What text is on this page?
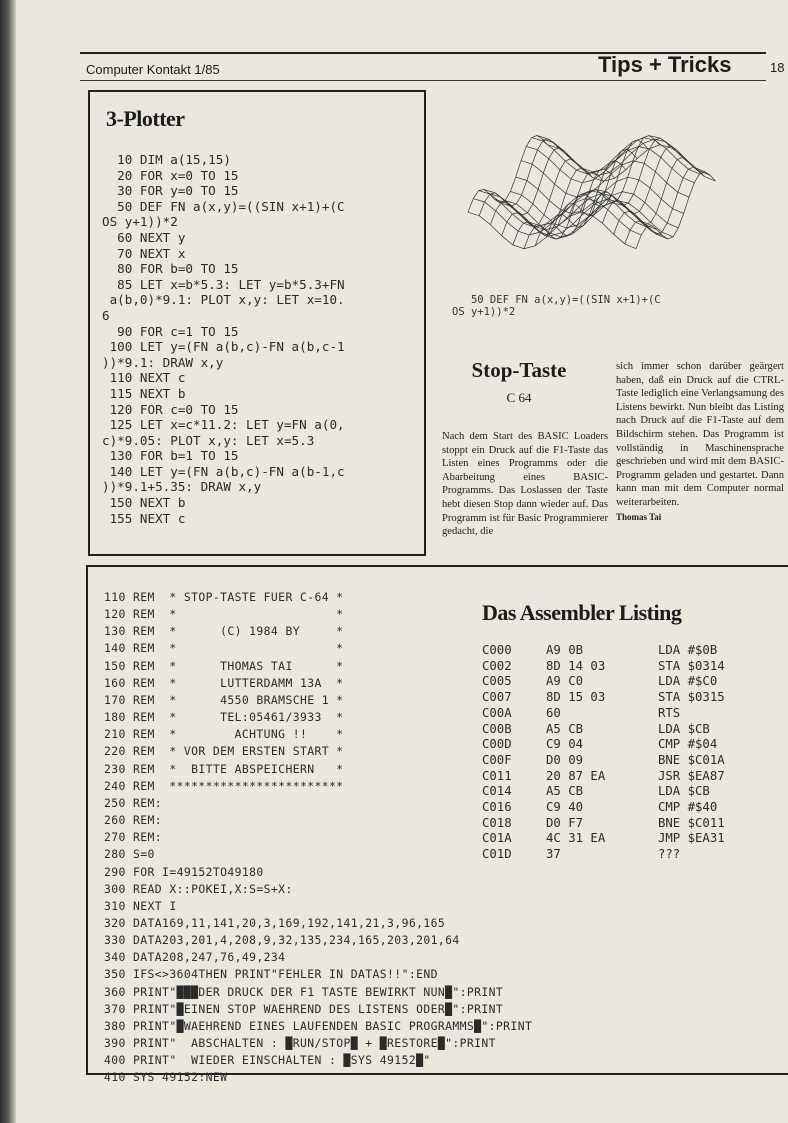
Computer Kontakt 1/85	Tips + Tricks	18
3-Plotter
10 DIM a(15,15)
20 FOR x=0 TO 15
30 FOR y=0 TO 15
50 DEF FN a(x,y)=((SIN x+1)+(C
OS y+1))*2
60 NEXT y
70 NEXT x
80 FOR b=0 TO 15
85 LET x=b*5.3: LET y=b*5.3+FN
a(b,0)*9.1: PLOT x,y: LET x=10.
6
90 FOR c=1 TO 15
100 LET y=(FN a(b,c)-FN a(b,c-1
))*9.1: DRAW x,y
110 NEXT c
115 NEXT b
120 FOR c=0 TO 15
125 LET x=c*11.2: LET y=FN a(0,
c)*9.05: PLOT x,y: LET x=5.3
130 FOR b=1 TO 15
140 LET y=(FN a(b,c)-FN a(b-1,c
))*9.1+5.35: DRAW x,y
150 NEXT b
155 NEXT c
50 DEF FN a(x,y)=((SIN x+1)+(C
OS y+1))*2
Stop-Taste
C 64
Nach dem Start des BASIC Loaders stoppt ein Druck auf die F1-Taste das Listen eines Programms oder die Abarbeitung eines BASIC-Programms. Das Loslassen der Taste hebt diesen Stop dann wieder auf. Das Programm ist für Basic Programmierer gedacht, die
sich immer schon darüber geärgert haben, daß ein Druck auf die CTRL-Taste lediglich eine Verlangsamung des Listens bewirkt. Nun bleibt das Listing nach Druck auf die F1-Taste auf dem Bildschirm stehen. Das Programm ist vollständig in Maschinensprache geschrieben und wird mit dem BASIC-Programm geladen und gestartet. Dann kann man mit dem Computer normal weiterarbeiten.
Thomas Tai
110 REM  * STOP-TASTE FUER C-64 *
120 REM  *                      *
130 REM  *      (C) 1984 BY     *
140 REM  *                      *
150 REM  *      THOMAS TAI      *
160 REM  *      LUTTERDAMM 13A  *
170 REM  *      4550 BRAMSCHE 1 *
180 REM  *      TEL:05461/3933  *
210 REM  *        ACHTUNG !!    *
220 REM  * VOR DEM ERSTEN START *
230 REM  *  BITTE ABSPEICHERN   *
240 REM  ************************
250 REM:
260 REM:
270 REM:
280 S=0
290 FOR I=49152TO49180
300 READ X::POKEI,X:S=S+X:
310 NEXT I
320 DATA169,11,141,20,3,169,192,141,21,3,96,165
330 DATA203,201,4,208,9,32,135,234,165,203,201,64
340 DATA208,247,76,49,234
350 IFS<>3604THEN PRINT"FEHLER IN DATAS!!":END
360 PRINT"███DER DRUCK DER F1 TASTE BEWIRKT NUN█":PRINT
370 PRINT"█EINEN STOP WAEHREND DES LISTENS ODER█":PRINT
380 PRINT"█WAEHREND EINES LAUFENDEN BASIC PROGRAMMS█":PRINT
390 PRINT"  ABSCHALTEN : █RUN/STOP█ + █RESTORE█":PRINT
400 PRINT"  WIEDER EINSCHALTEN : █SYS 49152█"
410 SYS 49152:NEW
Das Assembler Listing
C000	A9 0B	LDA #$0B
C002	8D 14 03	STA $0314
C005	A9 C0	LDA #$C0
C007	8D 15 03	STA $0315
C00A	60	RTS
C00B	A5 CB	LDA $CB
C00D	C9 04	CMP #$04
C00F	D0 09	BNE $C01A
C011	20 87 EA	JSR $EA87
C014	A5 CB	LDA $CB
C016	C9 40	CMP #$40
C018	D0 F7	BNE $C011
C01A	4C 31 EA	JMP $EA31
C01D	37	???
